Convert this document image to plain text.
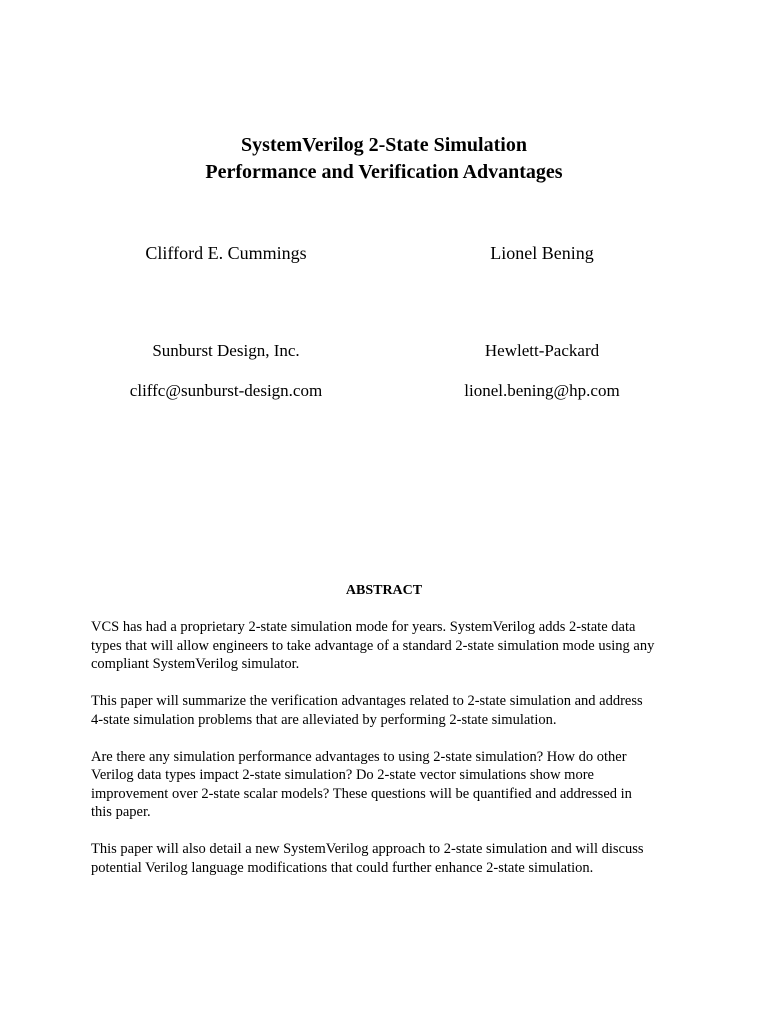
SystemVerilog 2-State Simulation
Performance and Verification Advantages
Clifford E. Cummings	Lionel Bening
Sunburst Design, Inc.	Hewlett-Packard
cliffc@sunburst-design.com	lionel.bening@hp.com
ABSTRACT

VCS has had a proprietary 2-state simulation mode for years. SystemVerilog adds 2-state data
types that will allow engineers to take advantage of a standard 2-state simulation mode using any
compliant SystemVerilog simulator.

This paper will summarize the verification advantages related to 2-state simulation and address
4-state simulation problems that are alleviated by performing 2-state simulation.

Are there any simulation performance advantages to using 2-state simulation? How do other
Verilog data types impact 2-state simulation? Do 2-state vector simulations show more
improvement over 2-state scalar models? These questions will be quantified and addressed in
this paper.

This paper will also detail a new SystemVerilog approach to 2-state simulation and will discuss
potential Verilog language modifications that could further enhance 2-state simulation.
